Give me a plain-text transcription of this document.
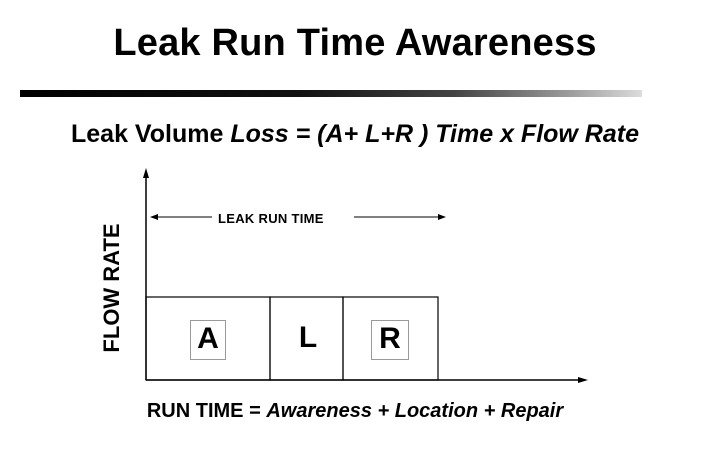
Leak Run Time Awareness
Leak Volume Loss = (A+ L+R ) Time x Flow Rate
FLOW RATE
LEAK RUN TIME
A	L R
RUN TIME = Awareness + Location + Repair
